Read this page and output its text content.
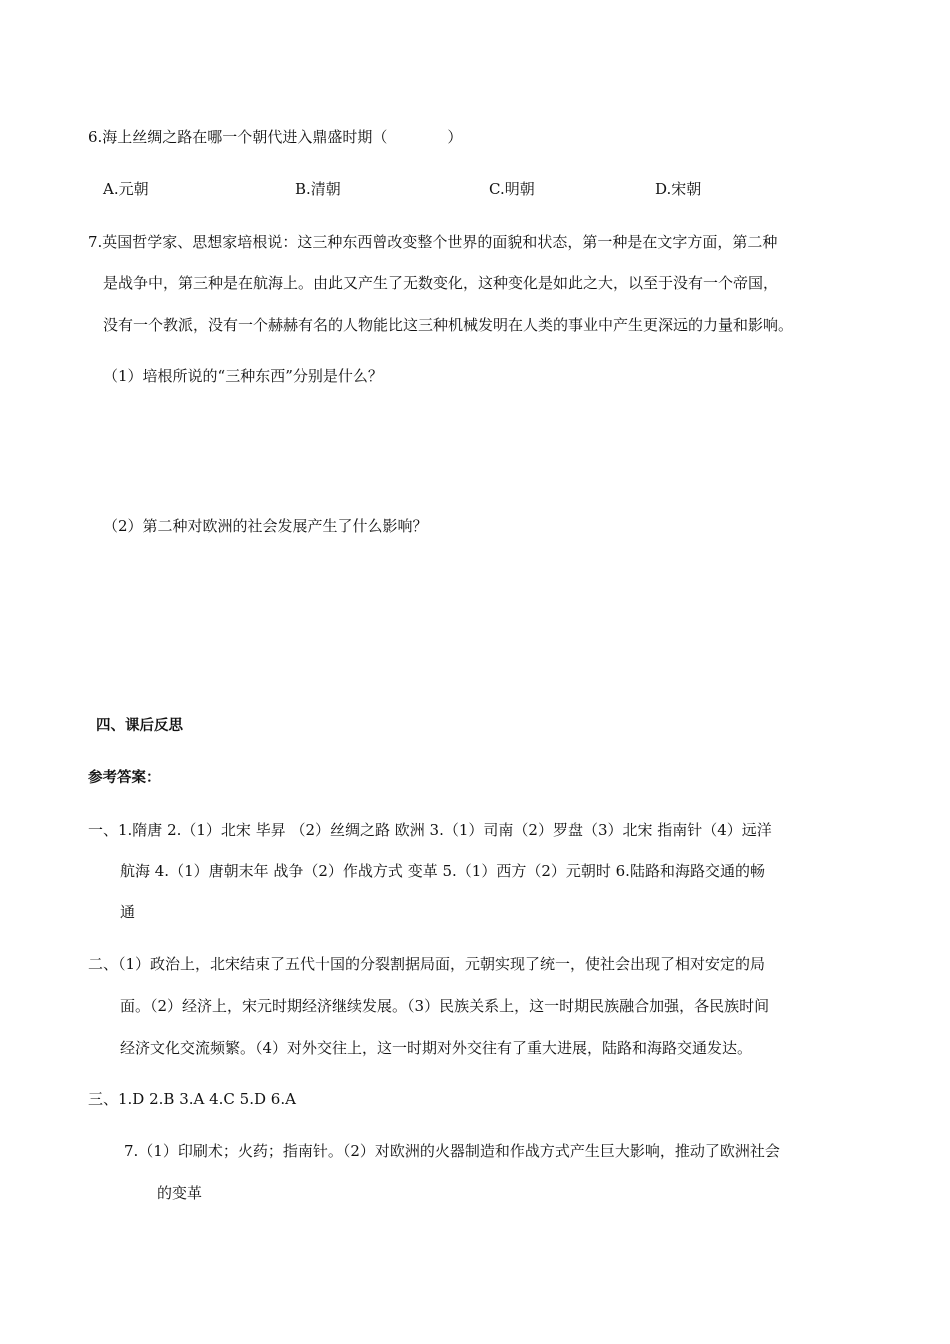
6.海上丝绸之路在哪一个朝代进入鼎盛时期（　　　　）
A.元朝	B.清朝	C.明朝	D.宋朝
7.英国哲学家、思想家培根说：这三种东西曾改变整个世界的面貌和状态，第一种是在文字方面，第二种
是战争中，第三种是在航海上。由此又产生了无数变化，这种变化是如此之大，以至于没有一个帝国，
没有一个教派，没有一个赫赫有名的人物能比这三种机械发明在人类的事业中产生更深远的力量和影响。
（1）培根所说的“三种东西”分别是什么？
（2）第二种对欧洲的社会发展产生了什么影响？
四、课后反思
参考答案：
一、1.隋唐 2.（1）北宋 毕昇 （2）丝绸之路 欧洲 3.（1）司南（2）罗盘（3）北宋 指南针（4）远洋
航海 4.（1）唐朝末年 战争（2）作战方式 变革 5.（1）西方（2）元朝时 6.陆路和海路交通的畅
通
二、（1）政治上，北宋结束了五代十国的分裂割据局面，元朝实现了统一，使社会出现了相对安定的局
面。（2）经济上，宋元时期经济继续发展。（3）民族关系上，这一时期民族融合加强，各民族时间
经济文化交流频繁。（4）对外交往上，这一时期对外交往有了重大进展，陆路和海路交通发达。
三、1.D 2.B 3.A 4.C 5.D 6.A
7.（1）印刷术；火药；指南针。（2）对欧洲的火器制造和作战方式产生巨大影响，推动了欧洲社会
的变革
